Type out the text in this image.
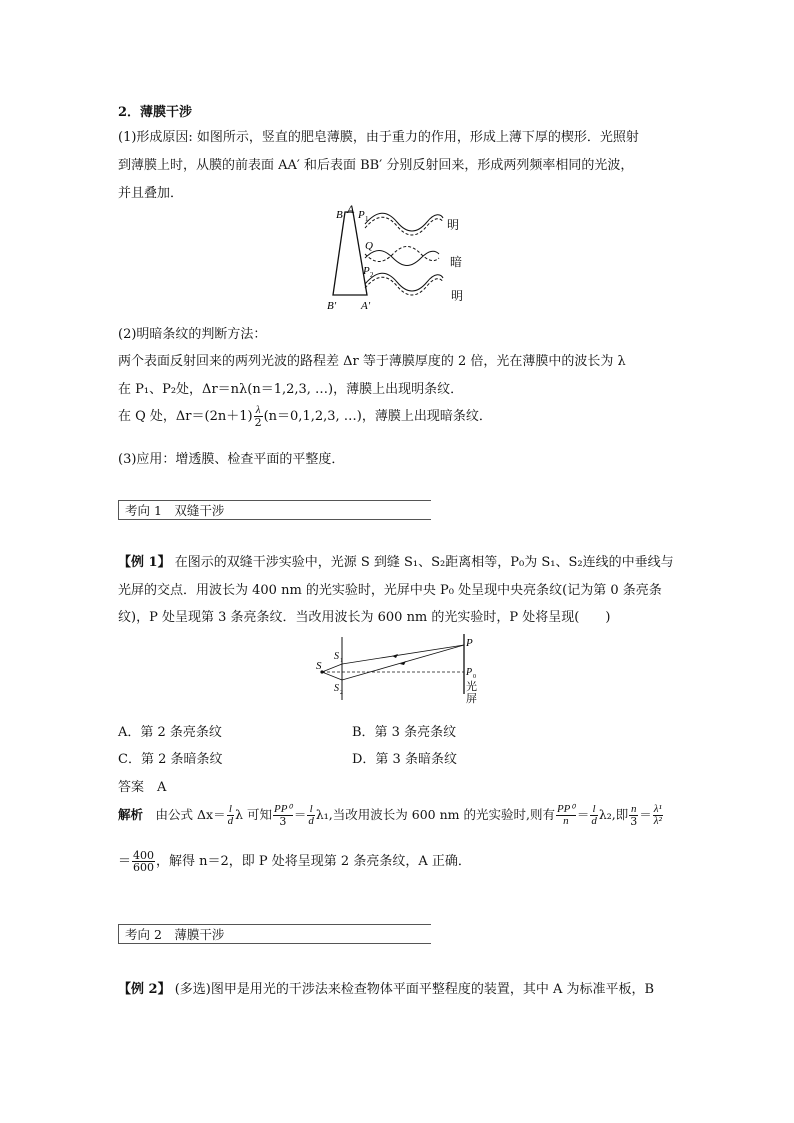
2．薄膜干涉
(1)形成原因: 如图所示，竖直的肥皂薄膜，由于重力的作用，形成上薄下厚的楔形．光照射
到薄膜上时，从膜的前表面 AA′ 和后表面 BB′ 分别反射回来，形成两列频率相同的光波，
并且叠加．
B A P 1
Q
P 2
B′ A′
明
暗
明
(2)明暗条纹的判断方法：
两个表面反射回来的两列光波的路程差 Δr 等于薄膜厚度的 2 倍，光在薄膜中的波长为 λ
在 P₁、P₂处，Δr＝nλ(n＝1,2,3, …)，薄膜上出现明条纹．
在 Q 处，$\Delta r=(2n+1) \frac{\lambda}{2} (n=0,1,2,3$, …)，薄膜上出现暗条纹．
(3)应用：增透膜、检查平面的平整度．
考向 1　双缝干涉
【例 1】 在图示的双缝干涉实验中，光源 S 到缝 S₁、S₂距离相等，P₀为 S₁、S₂连线的中垂线与
光屏的交点．用波长为 400 nm 的光实验时，光屏中央 P₀ 处呈现中央亮条纹(记为第 0 条亮条
纹)，P 处呈现第 3 条亮条纹．当改用波长为 600 nm 的光实验时，P 处将呈现(　　)
S
S 1
S 2
P
P 0
光
屏
A．第 2 条亮条纹	B．第 3 条亮条纹
C．第 2 条暗条纹	D．第 3 条暗条纹
答案　 A
解析　 由公式 $\Delta x= \frac{l}{d}$ λ 可知 $\frac{\text{PP⁰}}{3} = \frac{l}{d} \lambda_1$,当改用波长为 600 nm 的光实验时,则有 $\frac{\text{PP⁰}}{n} = \frac{l}{d} \lambda_2$,即 $\frac{n}{3} = \frac{\text{λ¹}}{\text{λ²}}$
＝ $\frac{400}{600}$ ，解得 n＝2，即 P 处将呈现第 2 条亮条纹，A 正确．
考向 2　薄膜干涉
【例 2】 (多选)图甲是用光的干涉法来检查物体平面平整程度的装置，其中 A 为标准平板，B
